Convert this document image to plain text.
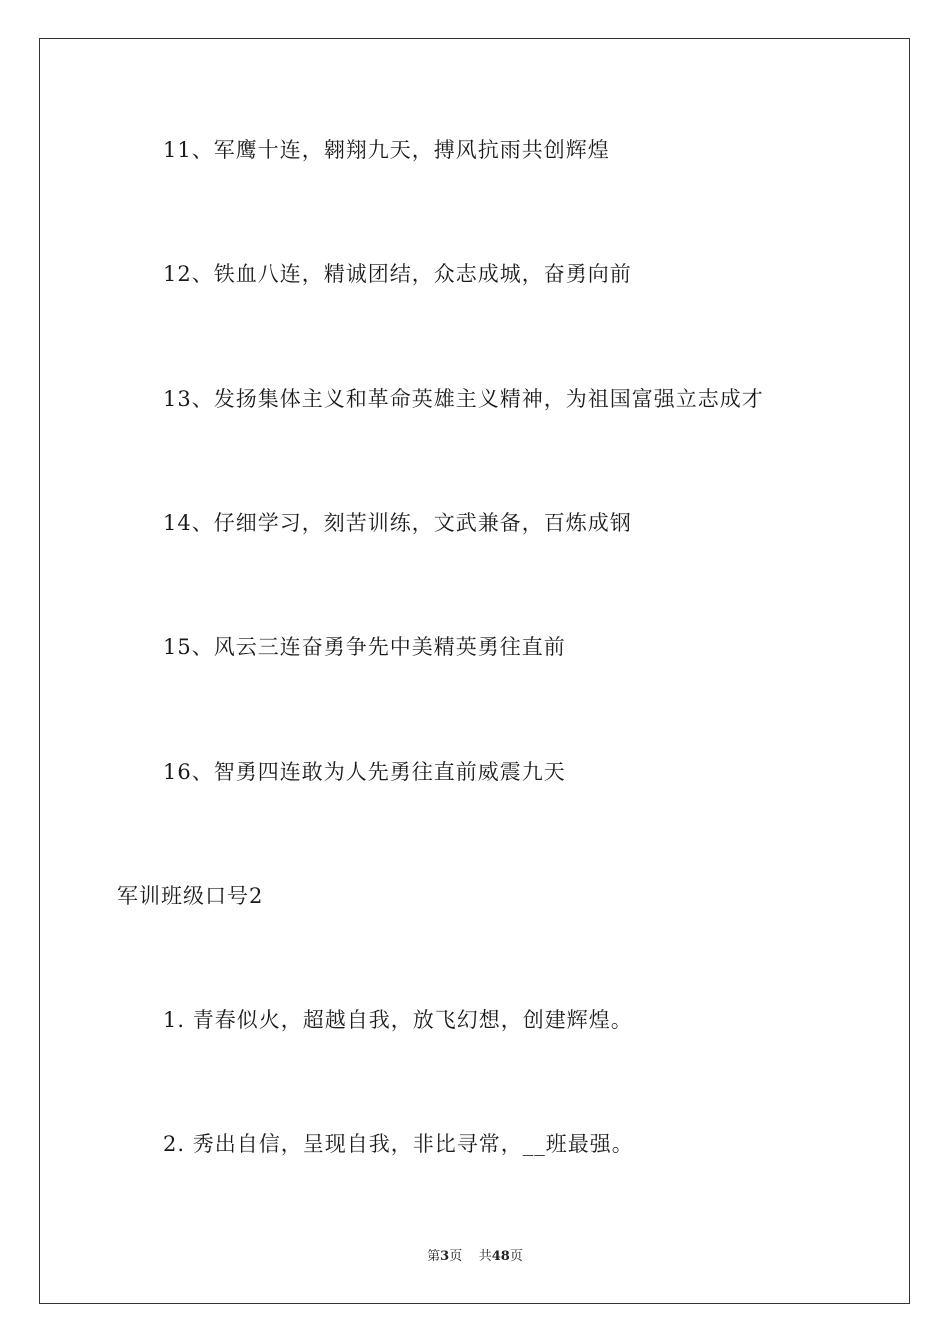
11、军鹰十连，翱翔九天，搏风抗雨共创辉煌
12、铁血八连，精诚团结，众志成城，奋勇向前
13、发扬集体主义和革命英雄主义精神，为祖国富强立志成才
14、仔细学习，刻苦训练，文武兼备，百炼成钢
15、风云三连奋勇争先中美精英勇往直前
16、智勇四连敢为人先勇往直前威震九天
军训班级口号2
1. 青春似火，超越自我，放飞幻想，创建辉煌。
2. 秀出自信，呈现自我，非比寻常，__班最强。
第3页 共48页
